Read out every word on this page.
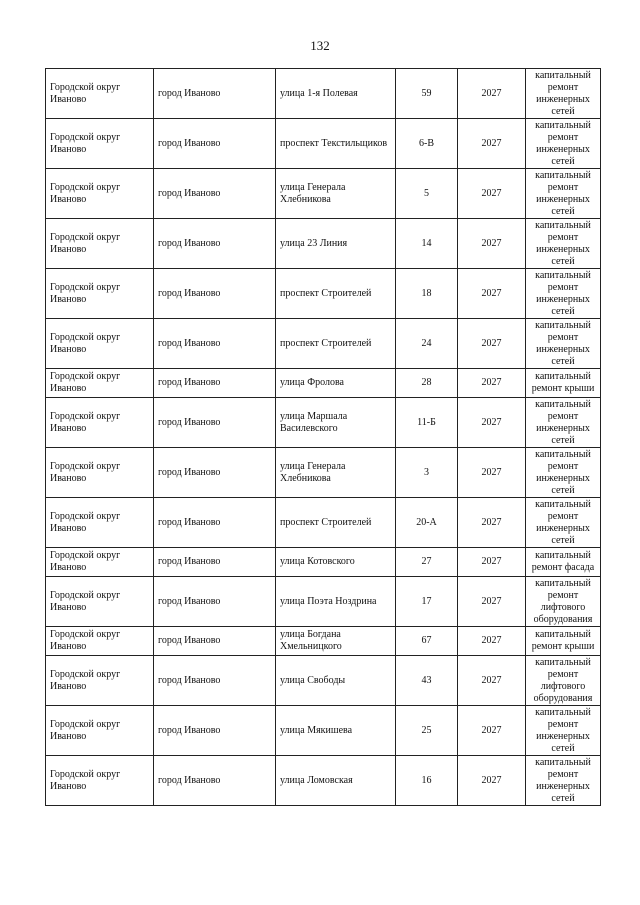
132
Городской округ Иваново	город Иваново	улица 1-я Полевая	59	2027	капитальный ремонт инженерных сетей
Городской округ Иваново	город Иваново	проспект Текстильщиков	6-В	2027	капитальный ремонт инженерных сетей
Городской округ Иваново	город Иваново	улица Генерала Хлебникова	5	2027	капитальный ремонт инженерных сетей
Городской округ Иваново	город Иваново	улица 23 Линия	14	2027	капитальный ремонт инженерных сетей
Городской округ Иваново	город Иваново	проспект Строителей	18	2027	капитальный ремонт инженерных сетей
Городской округ Иваново	город Иваново	проспект Строителей	24	2027	капитальный ремонт инженерных сетей
Городской округ Иваново	город Иваново	улица Фролова	28	2027	капитальный ремонт крыши
Городской округ Иваново	город Иваново	улица Маршала Василевского	11-Б	2027	капитальный ремонт инженерных сетей
Городской округ Иваново	город Иваново	улица Генерала Хлебникова	3	2027	капитальный ремонт инженерных сетей
Городской округ Иваново	город Иваново	проспект Строителей	20-А	2027	капитальный ремонт инженерных сетей
Городской округ Иваново	город Иваново	улица Котовского	27	2027	капитальный ремонт фасада
Городской округ Иваново	город Иваново	улица Поэта Ноздрина	17	2027	капитальный ремонт лифтового оборудования
Городской округ Иваново	город Иваново	улица Богдана Хмельницкого	67	2027	капитальный ремонт крыши
Городской округ Иваново	город Иваново	улица Свободы	43	2027	капитальный ремонт лифтового оборудования
Городской округ Иваново	город Иваново	улица Мякишева	25	2027	капитальный ремонт инженерных сетей
Городской округ Иваново	город Иваново	улица Ломовская	16	2027	капитальный ремонт инженерных сетей
